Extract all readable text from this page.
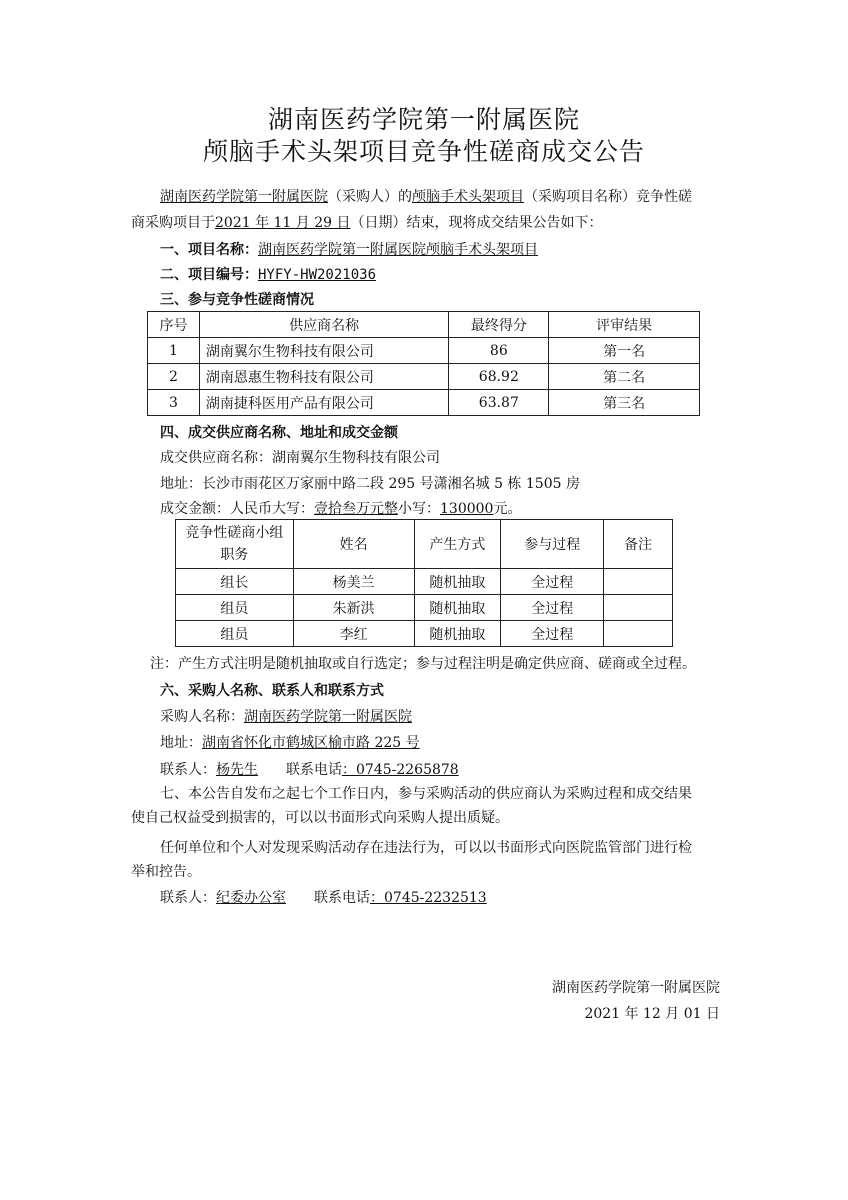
湖南医药学院第一附属医院
颅脑手术头架项目竞争性磋商成交公告
湖南医药学院第一附属医院（采购人）的颅脑手术头架项目（采购项目名称）竞争性磋
商采购项目于2021 年 11 月 29 日（日期）结束，现将成交结果公告如下：
一、项目名称：湖南医药学院第一附属医院颅脑手术头架项目
二、项目编号：HYFY-HW2021036
三、参与竞争性磋商情况
序号	供应商名称	最终得分	评审结果
1	湖南翼尔生物科技有限公司	86	第一名
2	湖南恩惠生物科技有限公司	68.92	第二名
3	湖南捷科医用产品有限公司	63.87	第三名
四、成交供应商名称、地址和成交金额
成交供应商名称：湖南翼尔生物科技有限公司
地址：长沙市雨花区万家丽中路二段 295 号潇湘名城 5 栋 1505 房
成交金额：人民币大写：壹拾叁万元整小写：130000元。
竞争性磋商小组职务	姓名	产生方式	参与过程	备注
组长	杨美兰	随机抽取	全过程	
组员	朱新洪	随机抽取	全过程	
组员	李红	随机抽取	全过程	
注：产生方式注明是随机抽取或自行选定；参与过程注明是确定供应商、磋商或全过程。
六、采购人名称、联系人和联系方式
采购人名称：湖南医药学院第一附属医院
地址：湖南省怀化市鹤城区榆市路 225 号
联系人：杨先生 联系电话：0745-2265878
七、本公告自发布之起七个工作日内，参与采购活动的供应商认为采购过程和成交结果
使自己权益受到损害的，可以以书面形式向采购人提出质疑。
任何单位和个人对发现采购活动存在违法行为，可以以书面形式向医院监管部门进行检
举和控告。
联系人：纪委办公室 联系电话：0745-2232513
湖南医药学院第一附属医院
2021 年 12 月 01 日
